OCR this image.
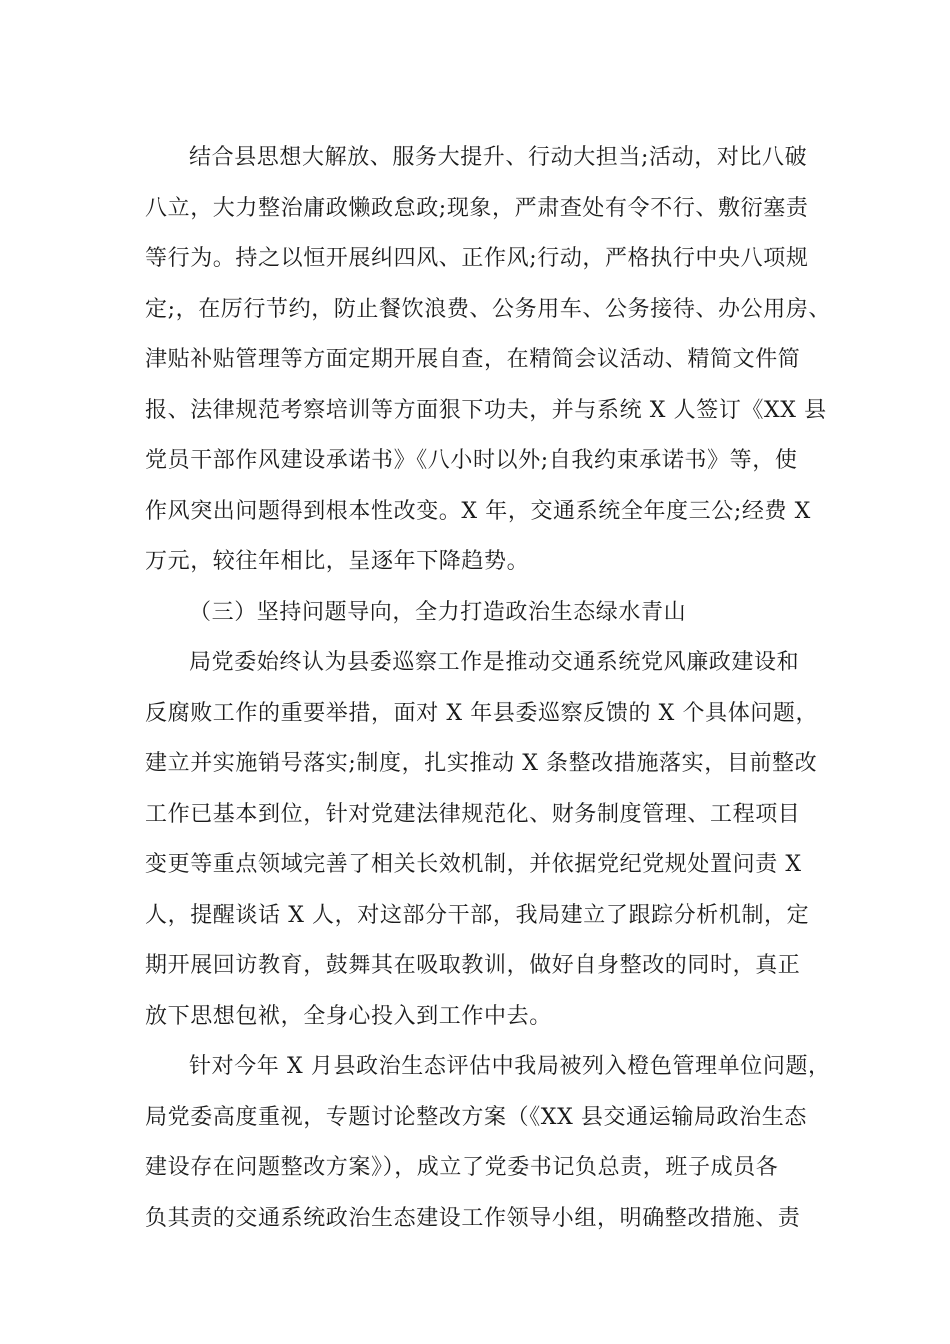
结合县思想大解放、服务大提升、行动大担当;活动，对比八破
八立，大力整治庸政懒政怠政;现象，严肃查处有令不行、敷衍塞责
等行为。持之以恒开展纠四风、正作风;行动，严格执行中央八项规
定;，在厉行节约，防止餐饮浪费、公务用车、公务接待、办公用房、
津贴补贴管理等方面定期开展自查，在精简会议活动、精简文件简
报、法律规范考察培训等方面狠下功夫，并与系统 X 人签订《XX 县
党员干部作风建设承诺书》《八小时以外;自我约束承诺书》等，使
作风突出问题得到根本性改变。X 年，交通系统全年度三公;经费 X
万元，较往年相比，呈逐年下降趋势。
（三）坚持问题导向，全力打造政治生态绿水青山
局党委始终认为县委巡察工作是推动交通系统党风廉政建设和
反腐败工作的重要举措，面对 X 年县委巡察反馈的 X 个具体问题，
建立并实施销号落实;制度，扎实推动 X 条整改措施落实，目前整改
工作已基本到位，针对党建法律规范化、财务制度管理、工程项目
变更等重点领域完善了相关长效机制，并依据党纪党规处置问责 X
人，提醒谈话 X 人，对这部分干部，我局建立了跟踪分析机制，定
期开展回访教育，鼓舞其在吸取教训，做好自身整改的同时，真正
放下思想包袱，全身心投入到工作中去。
针对今年 X 月县政治生态评估中我局被列入橙色管理单位问题，
局党委高度重视，专题讨论整改方案（《XX 县交通运输局政治生态
建设存在问题整改方案》），成立了党委书记负总责，班子成员各
负其责的交通系统政治生态建设工作领导小组，明确整改措施、责
